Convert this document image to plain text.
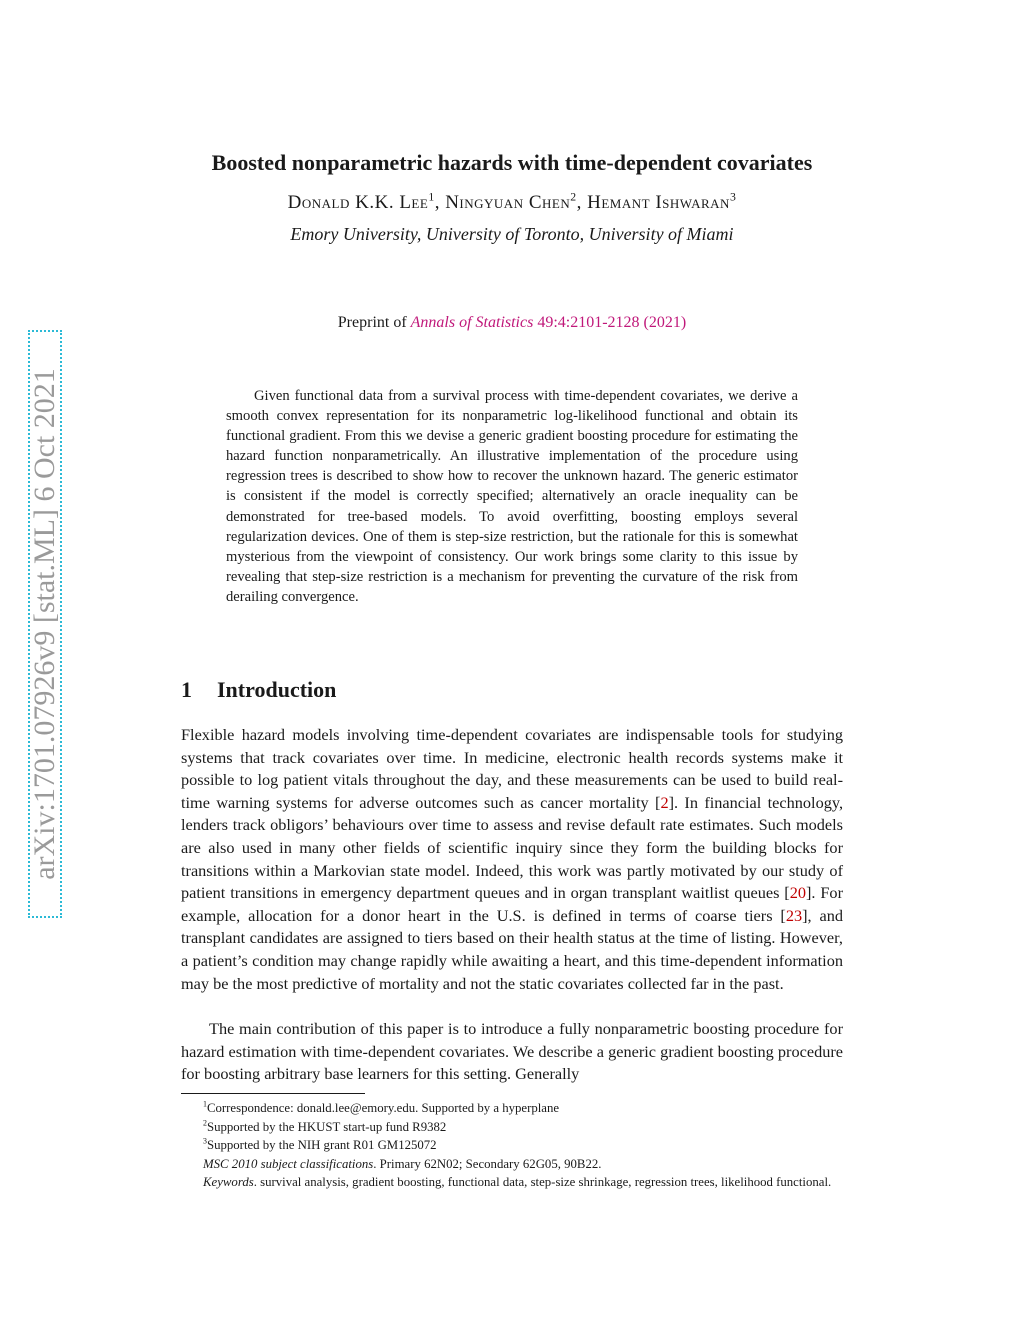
arXiv:1701.07926v9 [stat.ML] 6 Oct 2021
Boosted nonparametric hazards with time-dependent covariates
Donald K.K. Lee$^1$, Ningyuan Chen$^2$, Hemant Ishwaran$^3$
Emory University, University of Toronto, University of Miami
Preprint of Annals of Statistics 49:4:2101-2128 (2021)
Given functional data from a survival process with time-dependent covariates, we derive a smooth convex representation for its nonparametric log-likelihood functional and obtain its functional gradient. From this we devise a generic gradient boosting procedure for estimating the hazard function nonparametrically. An illustrative implementation of the procedure using regression trees is described to show how to recover the unknown hazard. The generic estimator is consistent if the model is correctly specified; alternatively an oracle inequality can be demonstrated for tree-based models. To avoid overfitting, boosting employs several regularization devices. One of them is step-size restriction, but the rationale for this is somewhat mysterious from the viewpoint of consistency. Our work brings some clarity to this issue by revealing that step-size restriction is a mechanism for preventing the curvature of the risk from derailing convergence.
1 Introduction
Flexible hazard models involving time-dependent covariates are indispensable tools for studying systems that track covariates over time. In medicine, electronic health records systems make it possible to log patient vitals throughout the day, and these measurements can be used to build real-time warning systems for adverse outcomes such as cancer mortality [2]. In financial technology, lenders track obligors’ behaviours over time to assess and revise default rate estimates. Such models are also used in many other fields of scientific inquiry since they form the building blocks for transitions within a Markovian state model. Indeed, this work was partly motivated by our study of patient transitions in emergency department queues and in organ transplant waitlist queues [20]. For example, allocation for a donor heart in the U.S. is defined in terms of coarse tiers [23], and transplant candidates are assigned to tiers based on their health status at the time of listing. However, a patient’s condition may change rapidly while awaiting a heart, and this time-dependent information may be the most predictive of mortality and not the static covariates collected far in the past.
The main contribution of this paper is to introduce a fully nonparametric boosting procedure for hazard estimation with time-dependent covariates. We describe a generic gradient boosting procedure for boosting arbitrary base learners for this setting. Generally
$^1$Correspondence: donald.lee@emory.edu. Supported by a hyperplane
$^2$Supported by the HKUST start-up fund R9382
$^3$Supported by the NIH grant R01 GM125072
MSC 2010 subject classifications. Primary 62N02; Secondary 62G05, 90B22.
Keywords. survival analysis, gradient boosting, functional data, step-size shrinkage, regression trees, likelihood functional.
